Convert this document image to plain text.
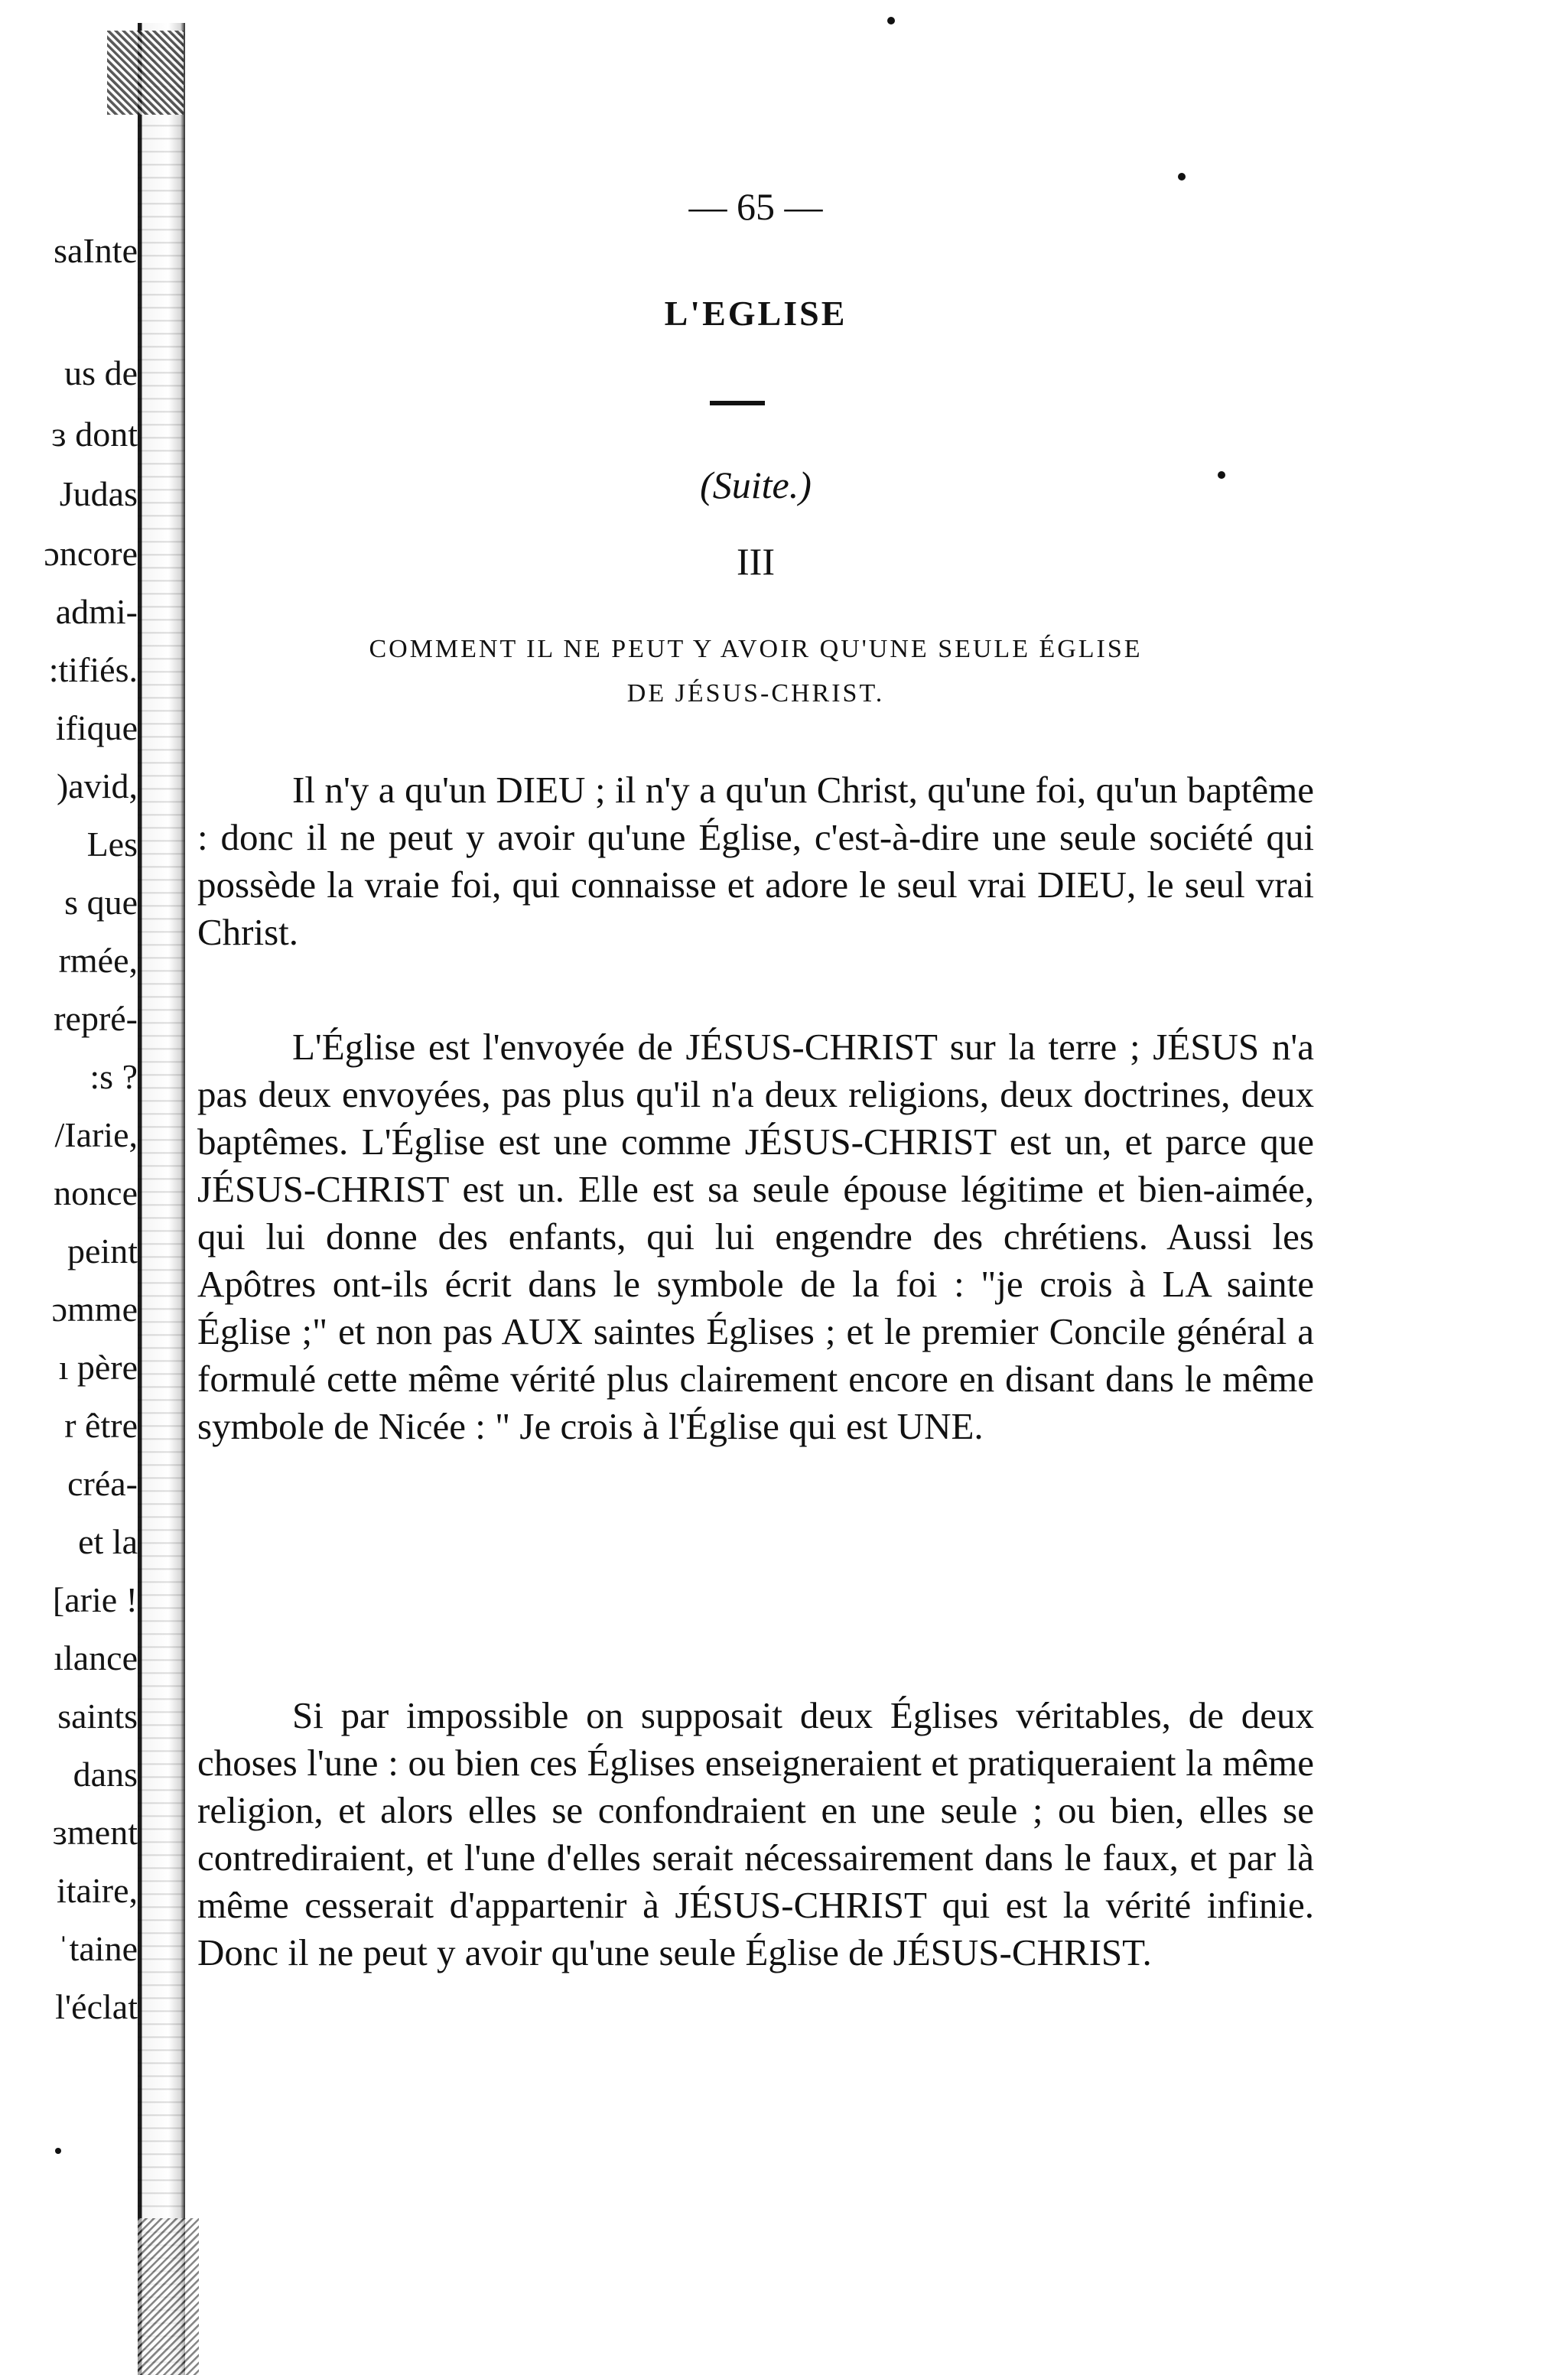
saInte
us de
ɜ dont
Judas
ɔncore
admi-
:tifiés.
ifique
)avid,
Les
s que
rmée,
repré-
:s ?
/Iarie,
nonce
peint
ɔmme
ı père
r être
créa-
et la
[arie !
ılance
saints
dans
ɜment
itaire,
ˈtaine
l'éclat
— 65 —
L'EGLISE
(Suite.)
III
COMMENT IL NE PEUT Y AVOIR QU'UNE SEULE ÉGLISE
DE JÉSUS-CHRIST.

Il n'y a qu'un DIEU ; il n'y a qu'un Christ, qu'une foi, qu'un baptême : donc il ne peut y avoir qu'une Église, c'est-à-dire une seule société qui possède la vraie foi, qui connaisse et adore le seul vrai DIEU, le seul vrai Christ.

L'Église est l'envoyée de JÉSUS-CHRIST sur la terre ; JÉSUS n'a pas deux envoyées, pas plus qu'il n'a deux religions, deux doctrines, deux baptêmes. L'Église est une comme JÉSUS-CHRIST est un, et parce que JÉSUS-CHRIST est un. Elle est sa seule épouse légitime et bien-aimée, qui lui donne des enfants, qui lui engendre des chrétiens. Aussi les Apôtres ont-ils écrit dans le symbole de la foi : "je crois à LA sainte Église ;" et non pas AUX saintes Églises ; et le premier Concile général a formulé cette même vérité plus clairement encore en disant dans le même symbole de Nicée : " Je crois à l'Église qui est UNE.

Si par impossible on supposait deux Églises véritables, de deux choses l'une : ou bien ces Églises enseigneraient et pratiqueraient la même religion, et alors elles se confondraient en une seule ; ou bien, elles se contrediraient, et l'une d'elles serait nécessairement dans le faux, et par là même cesserait d'appartenir à JÉSUS-CHRIST qui est la vérité infinie. Donc il ne peut y avoir qu'une seule Église de JÉSUS-CHRIST.
